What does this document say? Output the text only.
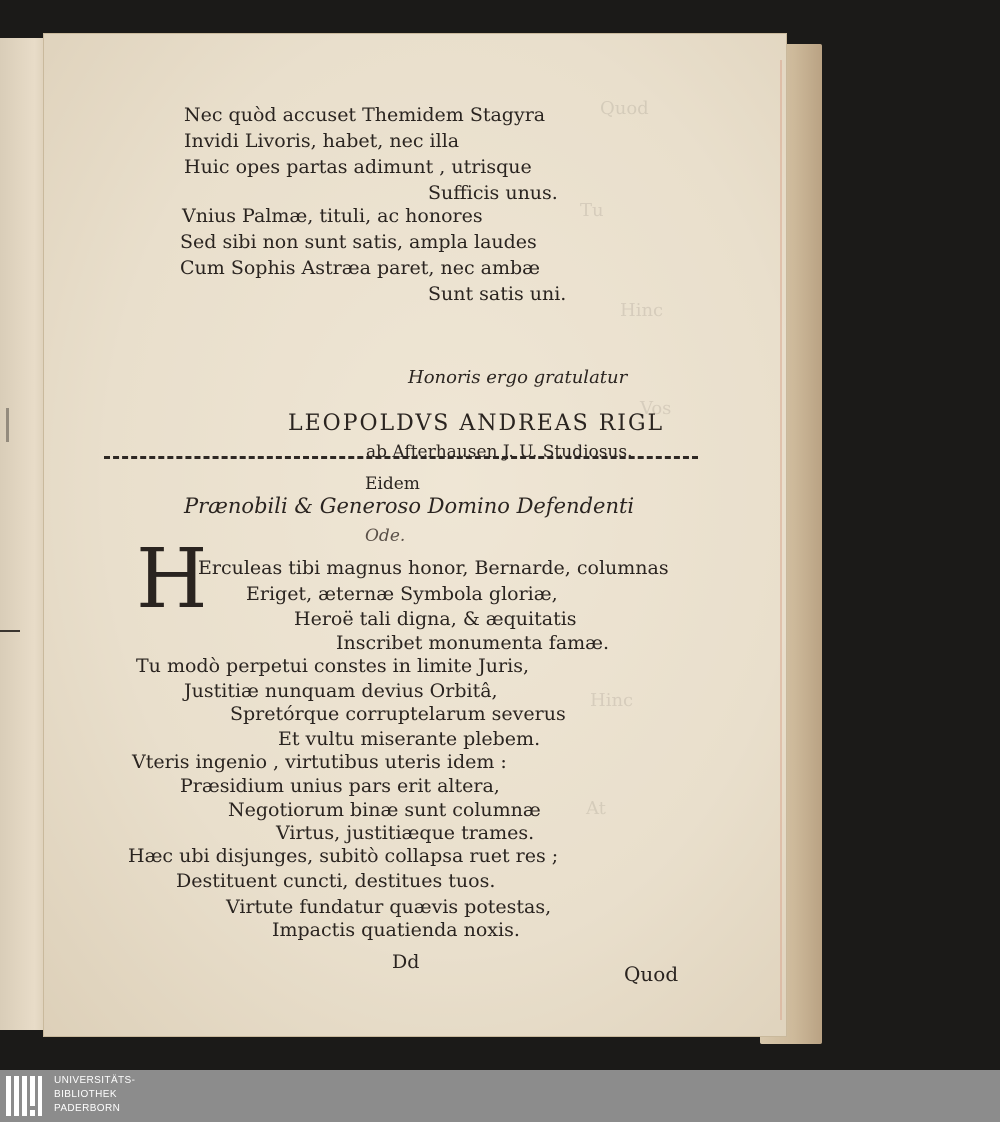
Quod
Tu
Hinc
Vos
Hinc
At
Nec quòd accuset Themidem Stagyra
Invidi Livoris, habet, nec illa
Huic opes partas adimunt , utrisque
Sufficis unus.
Vnius Palmæ, tituli, ac honores
Sed sibi non sunt satis, ampla laudes
Cum Sophis Astræa paret, nec ambæ
Sunt satis uni.
Honoris ergo gratulatur
LEOPOLDVS ANDREAS RIGL
ab Afterhausen J. U. Studiosus.
Eidem
Prænobili & Generoso Domino Defendenti
Ode.
H
Erculeas tibi magnus honor, Bernarde, columnas
Eriget, æternæ Symbola gloriæ,
Heroë tali digna, & æquitatis
Inscribet monumenta famæ.
Tu modò perpetui constes in limite Juris,
Justitiæ nunquam devius Orbitâ,
Spretórque corruptelarum severus
Et vultu miserante plebem.
Vteris ingenio , virtutibus uteris idem :
Præsidium unius pars erit altera,
Negotiorum binæ sunt columnæ
Virtus, justitiæque trames.
Hæc ubi disjunges, subitò collapsa ruet res ;
Destituent cuncti, destitues tuos.
Virtute fundatur quævis potestas,
Impactis quatienda noxis.
Dd	Quod
UNIVERSITÄTS-
BIBLIOTHEK
PADERBORN
